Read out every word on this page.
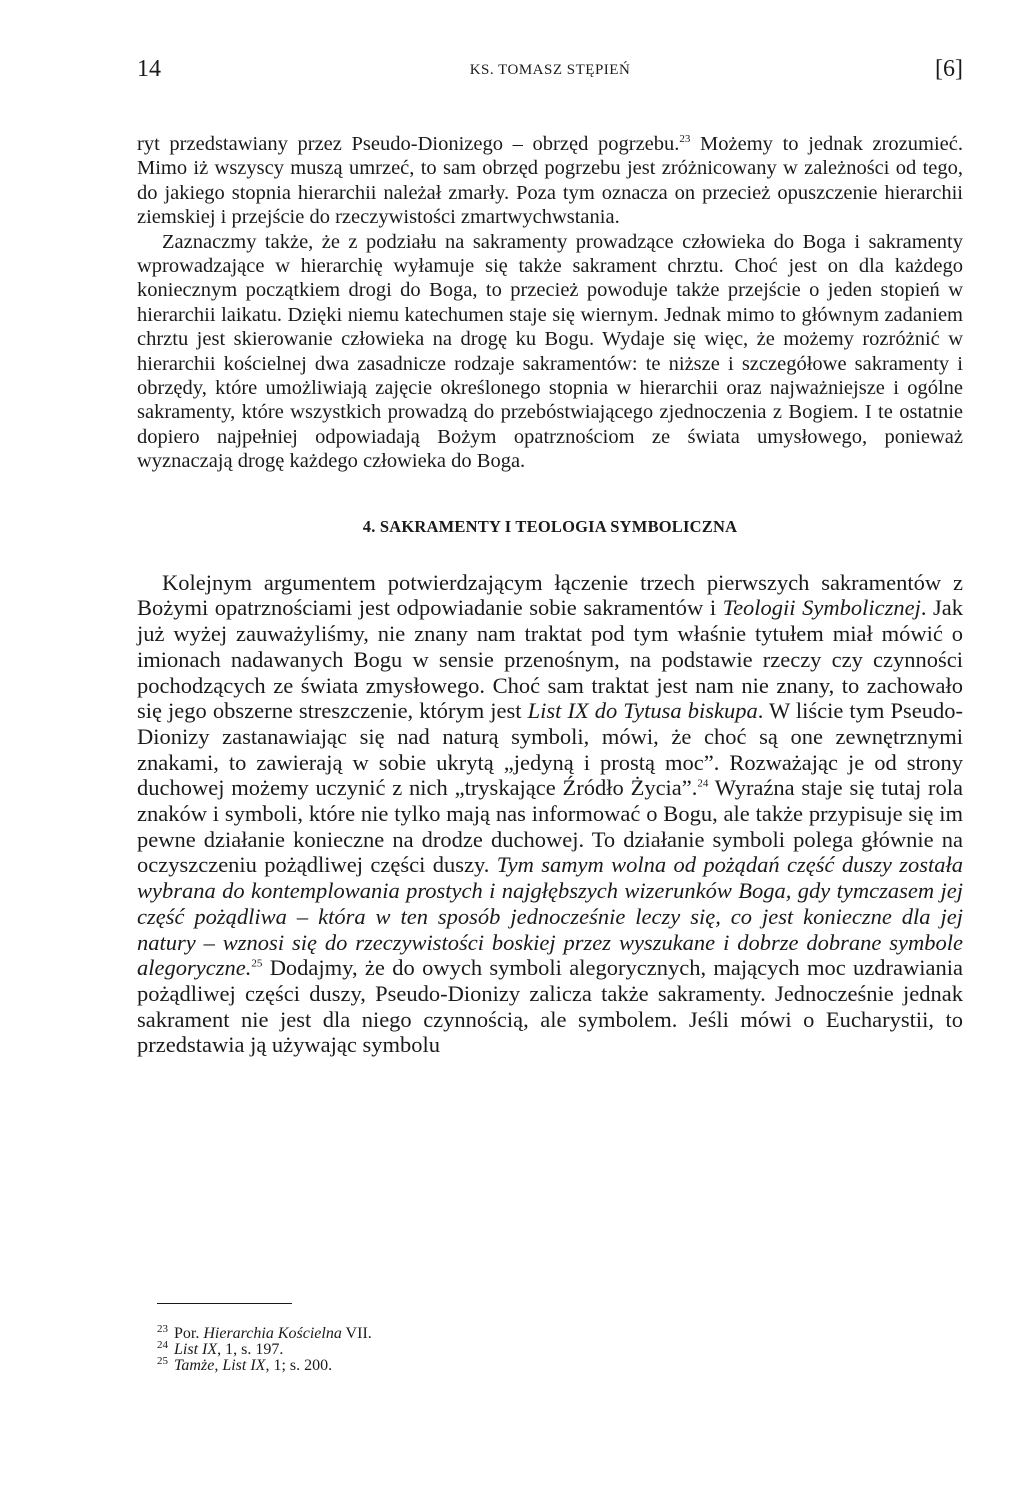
14	KS. TOMASZ STĘPIEŃ	[6]

ryt przedstawiany przez Pseudo-Dionizego – obrzęd pogrzebu.$^{23}$ Możemy to jednak zrozumieć. Mimo iż wszyscy muszą umrzeć, to sam obrzęd pogrzebu jest zróżnicowany w zależności od tego, do jakiego stopnia hierarchii należał zmarły. Poza tym oznacza on przecież opuszczenie hierarchii ziemskiej i przejście do rzeczywistości zmartwychwstania.

Zaznaczmy także, że z podziału na sakramenty prowadzące człowieka do Boga i sakramenty wprowadzające w hierarchię wyłamuje się także sakrament chrztu. Choć jest on dla każdego koniecznym początkiem drogi do Boga, to przecież powoduje także przejście o jeden stopień w hierarchii laikatu. Dzięki niemu katechumen staje się wiernym. Jednak mimo to głównym zadaniem chrztu jest skierowanie człowieka na drogę ku Bogu. Wydaje się więc, że możemy rozróżnić w hierarchii kościelnej dwa zasadnicze rodzaje sakramentów: te niższe i szczegółowe sakramenty i obrzędy, które umożliwiają zajęcie określonego stopnia w hierarchii oraz najważniejsze i ogólne sakramenty, które wszystkich prowadzą do przebóstwiającego zjednoczenia z Bogiem. I te ostatnie dopiero najpełniej odpowiadają Bożym opatrznościom ze świata umysłowego, ponieważ wyznaczają drogę każdego człowieka do Boga.

4. SAKRAMENTY I TEOLOGIA SYMBOLICZNA

Kolejnym argumentem potwierdzającym łączenie trzech pierwszych sakramentów z Bożymi opatrznościami jest odpowiadanie sobie sakramentów i Teologii Symbolicznej. Jak już wyżej zauważyliśmy, nie znany nam traktat pod tym właśnie tytułem miał mówić o imionach nadawanych Bogu w sensie przenośnym, na podstawie rzeczy czy czynności pochodzących ze świata zmysłowego. Choć sam traktat jest nam nie znany, to zachowało się jego obszerne streszczenie, którym jest List IX do Tytusa biskupa. W liście tym Pseudo-Dionizy zastanawiając się nad naturą symboli, mówi, że choć są one zewnętrznymi znakami, to zawierają w sobie ukrytą „jedyną i prostą moc”. Rozważając je od strony duchowej możemy uczynić z nich „tryskające Źródło Życia”.$^{24}$ Wyraźna staje się tutaj rola znaków i symboli, które nie tylko mają nas informować o Bogu, ale także przypisuje się im pewne działanie konieczne na drodze duchowej. To działanie symboli polega głównie na oczyszczeniu pożądliwej części duszy. Tym samym wolna od pożądań część duszy została wybrana do kontemplowania prostych i najgłębszych wizerunków Boga, gdy tymczasem jej część pożądliwa – która w ten sposób jednocześnie leczy się, co jest konieczne dla jej natury – wznosi się do rzeczywistości boskiej przez wyszukane i dobrze dobrane symbole alegoryczne.$^{25}$ Dodajmy, że do owych symboli alegorycznych, mających moc uzdrawiania pożądliwej części duszy, Pseudo-Dionizy zalicza także sakramenty. Jednocześnie jednak sakrament nie jest dla niego czynnością, ale symbolem. Jeśli mówi o Eucharystii, to przedstawia ją używając symbolu

$^{23}$ Por. Hierarchia Kościelna VII.

$^{24}$ List IX, 1, s. 197.

$^{25}$ Tamże, List IX, 1; s. 200.
